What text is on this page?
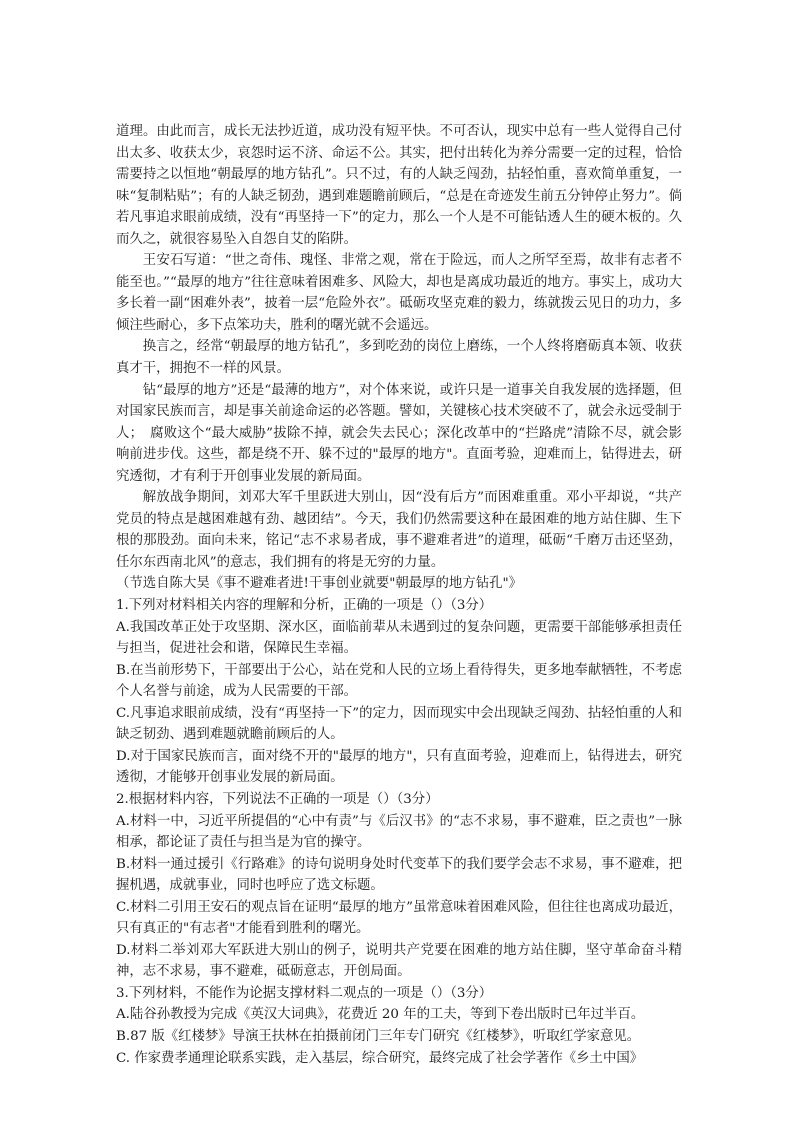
道理。由此而言，成长无法抄近道，成功没有短平快。不可否认，现实中总有一些人觉得自己付出太多、收获太少，哀怨时运不济、命运不公。其实，把付出转化为养分需要一定的过程，恰恰需要持之以恒地“朝最厚的地方钻孔”。只不过，有的人缺乏闯劲，拈轻怕重，喜欢简单重复，一味“复制粘贴”；有的人缺乏韧劲，遇到难题瞻前顾后，“总是在奇迹发生前五分钟停止努力”。倘若凡事追求眼前成绩，没有“再坚持一下”的定力，那么一个人是不可能钻透人生的硬木板的。久而久之，就很容易坠入自怨自艾的陷阱。

王安石写道：“世之奇伟、瑰怪、非常之观，常在于险远，而人之所罕至焉，故非有志者不能至也。”“最厚的地方”往往意味着困难多、风险大，却也是离成功最近的地方。事实上，成功大多长着一副“困难外表”，披着一层“危险外衣”。砥砺攻坚克难的毅力，练就拨云见日的功力，多倾注些耐心，多下点笨功夫，胜利的曙光就不会遥远。

换言之，经常“朝最厚的地方钻孔”，多到吃劲的岗位上磨练，一个人终将磨砺真本领、收获真才干，拥抱不一样的风景。

钻“最厚的地方”还是“最薄的地方”，对个体来说，或许只是一道事关自我发展的选择题，但对国家民族而言，却是事关前途命运的必答题。譬如，关键核心技术突破不了，就会永远受制于人；　腐败这个“最大威胁”拔除不掉，就会失去民心；深化改革中的“拦路虎”清除不尽，就会影响前进步伐。这些，都是绕不开、躲不过的"最厚的地方"。直面考验，迎难而上，钻得进去，研究透彻，才有利于开创事业发展的新局面。

解放战争期间，刘邓大军千里跃进大别山，因“没有后方”而困难重重。邓小平却说，“共产党员的特点是越困难越有劲、越团结”。今天，我们仍然需要这种在最困难的地方站住脚、生下根的那股劲。面向未来，铭记“志不求易者成，事不避难者进”的道理，砥砺“千磨万击还坚劲，任尔东西南北风”的意志，我们拥有的将是无穷的力量。

（节选自陈大昊《事不避难者进!干事创业就要"朝最厚的地方钻孔"》

1.下列对材料相关内容的理解和分析，正确的一项是（）（3分）

A.我国改革正处于攻坚期、深水区，面临前辈从未遇到过的复杂问题，更需要干部能够承担责任与担当，促进社会和谐，保障民生幸福。

B.在当前形势下，干部要出于公心，站在党和人民的立场上看待得失，更多地奉献牺牲，不考虑个人名誉与前途，成为人民需要的干部。

C.凡事追求眼前成绩，没有“再坚持一下”的定力，因而现实中会出现缺乏闯劲、拈轻怕重的人和缺乏韧劲、遇到难题就瞻前顾后的人。

D.对于国家民族而言，面对绕不开的"最厚的地方"，只有直面考验，迎难而上，钻得进去，研究透彻，才能够开创事业发展的新局面。

2.根据材料内容，下列说法不正确的一项是（）（3分）

A.材料一中，习近平所提倡的“心中有责”与《后汉书》的“志不求易，事不避难，臣之责也”一脉相承，都论证了责任与担当是为官的操守。

B.材料一通过援引《行路难》的诗句说明身处时代变革下的我们要学会志不求易，事不避难，把握机遇，成就事业，同时也呼应了选文标题。

C.材料二引用王安石的观点旨在证明“最厚的地方”虽常意味着困难风险，但往往也离成功最近，只有真正的"有志者"才能看到胜利的曙光。

D.材料二举刘邓大军跃进大别山的例子，说明共产党要在困难的地方站住脚，坚守革命奋斗精神，志不求易，事不避难，砥砺意志，开创局面。

3.下列材料，不能作为论据支撑材料二观点的一项是（）（3分）

A.陆谷孙教授为完成《英汉大词典》，花费近 20 年的工夫，等到下卷出版时已年过半百。

B.87 版《红楼梦》导演王扶林在拍摄前闭门三年专门研究《红楼梦》，听取红学家意见。

C. 作家费孝通理论联系实践，走入基层，综合研究，最终完成了社会学著作《乡土中国》
